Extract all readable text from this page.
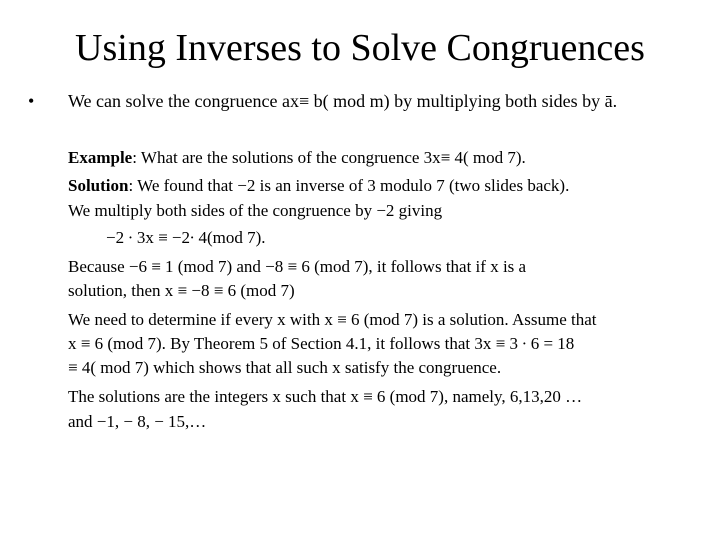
Using Inverses to Solve Congruences
• We can solve the congruence ax≡ b( mod m) by multiplying both sides by ā.
Example: What are the solutions of the congruence 3x≡ 4( mod 7).
Solution: We found that −2 is an inverse of 3 modulo 7 (two slides back).
We multiply both sides of the congruence by −2 giving
−2 ∙ 3x ≡ −2∙ 4(mod 7).
Because −6 ≡ 1 (mod 7) and −8 ≡ 6 (mod 7), it follows that if x is a
solution, then x ≡ −8 ≡ 6 (mod 7)
We need to determine if every x with x ≡ 6 (mod 7) is a solution. Assume that
x ≡ 6 (mod 7). By Theorem 5 of Section 4.1, it follows that 3x ≡ 3 ∙ 6 = 18
≡ 4( mod 7) which shows that all such x satisfy the congruence.
The solutions are the integers x such that x ≡ 6 (mod 7), namely, 6,13,20 …
and −1, − 8, − 15,…
